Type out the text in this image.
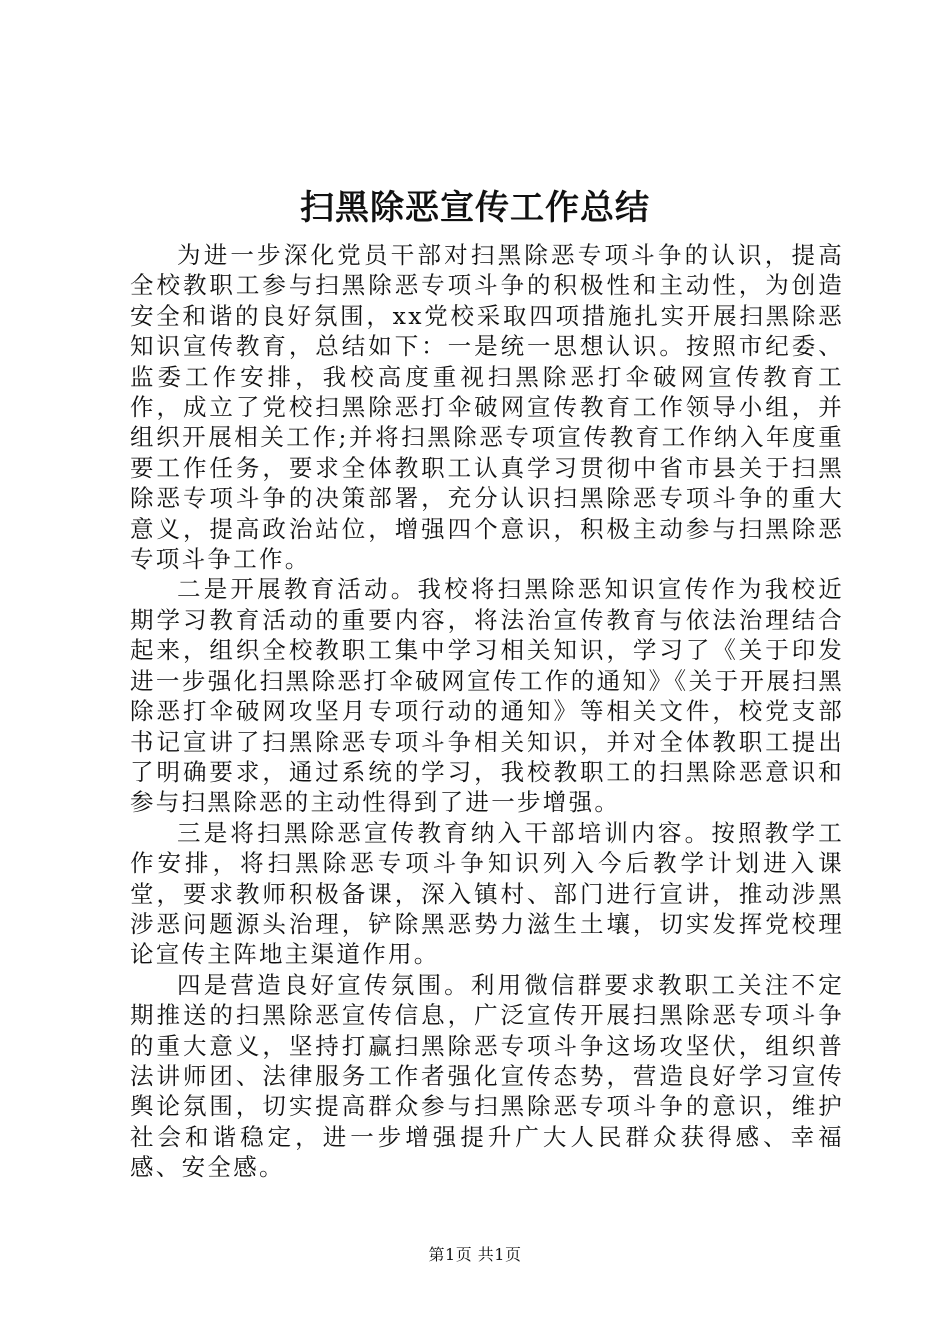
扫黑除恶宣传工作总结

为进一步深化党员干部对扫黑除恶专项斗争的认识，提高全校教职工参与扫黑除恶专项斗争的积极性和主动性，为创造安全和谐的良好氛围，xx党校采取四项措施扎实开展扫黑除恶知识宣传教育，总结如下：一是统一思想认识。按照市纪委、监委工作安排，我校高度重视扫黑除恶打伞破网宣传教育工作，成立了党校扫黑除恶打伞破网宣传教育工作领导小组，并组织开展相关工作;并将扫黑除恶专项宣传教育工作纳入年度重要工作任务，要求全体教职工认真学习贯彻中省市县关于扫黑除恶专项斗争的决策部署，充分认识扫黑除恶专项斗争的重大意义，提高政治站位，增强四个意识，积极主动参与扫黑除恶专项斗争工作。

二是开展教育活动。我校将扫黑除恶知识宣传作为我校近期学习教育活动的重要内容，将法治宣传教育与依法治理结合起来，组织全校教职工集中学习相关知识，学习了《关于印发进一步强化扫黑除恶打伞破网宣传工作的通知》《关于开展扫黑除恶打伞破网攻坚月专项行动的通知》等相关文件，校党支部书记宣讲了扫黑除恶专项斗争相关知识，并对全体教职工提出了明确要求，通过系统的学习，我校教职工的扫黑除恶意识和参与扫黑除恶的主动性得到了进一步增强。

三是将扫黑除恶宣传教育纳入干部培训内容。按照教学工作安排，将扫黑除恶专项斗争知识列入今后教学计划进入课堂，要求教师积极备课，深入镇村、部门进行宣讲，推动涉黑涉恶问题源头治理，铲除黑恶势力滋生土壤，切实发挥党校理论宣传主阵地主渠道作用。

四是营造良好宣传氛围。利用微信群要求教职工关注不定期推送的扫黑除恶宣传信息，广泛宣传开展扫黑除恶专项斗争的重大意义，坚持打赢扫黑除恶专项斗争这场攻坚伏，组织普法讲师团、法律服务工作者强化宣传态势，营造良好学习宣传舆论氛围，切实提高群众参与扫黑除恶专项斗争的意识，维护社会和谐稳定，进一步增强提升广大人民群众获得感、幸福感、安全感。

第1页 共1页
